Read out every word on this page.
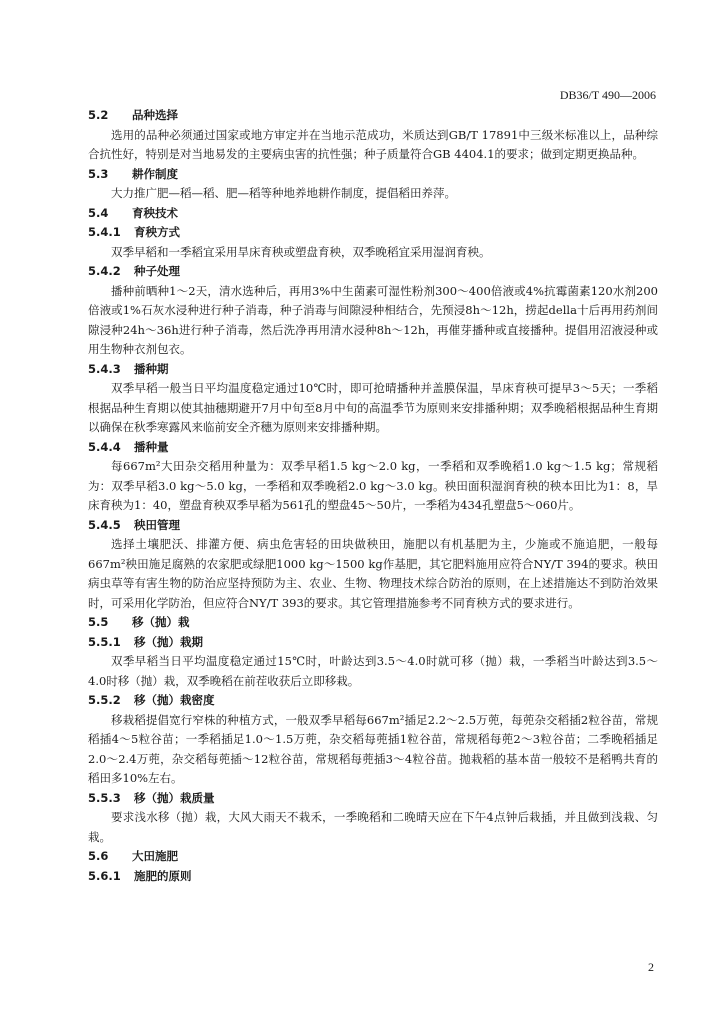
DB36/T 490—2006
5.2 品种选择
选用的品种必须通过国家或地方审定并在当地示范成功，米质达到GB/T 17891中三级米标准以上，品种综合抗性好，特别是对当地易发的主要病虫害的抗性强；种子质量符合GB 4404.1的要求；做到定期更换品种。
5.3 耕作制度
大力推广肥—稻—稻、肥—稻等种地养地耕作制度，提倡稻田养萍。
5.4 育秧技术
5.4.1 育秧方式
双季早稻和一季稻宜采用旱床育秧或塑盘育秧，双季晚稻宜采用湿润育秧。
5.4.2 种子处理
播种前晒种1～2天，清水选种后，再用3%中生菌素可湿性粉剂300～400倍液或4%抗霉菌素120水剂200倍液或1%石灰水浸种进行种子消毒，种子消毒与间隙浸种相结合，先预浸8h～12h，捞起della十后再用药剂间隙浸种24h～36h进行种子消毒，然后洗净再用清水浸种8h～12h，再催芽播种或直接播种。提倡用沼液浸种或用生物种衣剂包衣。
5.4.3 播种期
双季早稻一般当日平均温度稳定通过10℃时，即可抢晴播种并盖膜保温，旱床育秧可提早3～5天；一季稻根据品种生育期以使其抽穗期避开7月中旬至8月中旬的高温季节为原则来安排播种期；双季晚稻根据品种生育期以确保在秋季寒露风来临前安全齐穗为原则来安排播种期。
5.4.4 播种量
每667m²大田杂交稻用种量为：双季早稻1.5 kg～2.0 kg，一季稻和双季晚稻1.0 kg～1.5 kg；常规稻为：双季早稻3.0 kg～5.0 kg，一季稻和双季晚稻2.0 kg～3.0 kg。秧田面积湿润育秧的秧本田比为1：8，旱床育秧为1：40，塑盘育秧双季早稻为561孔的塑盘45～50片，一季稻为434孔塑盘5～060片。
5.4.5 秧田管理
选择土壤肥沃、排灌方便、病虫危害轻的田块做秧田，施肥以有机基肥为主，少施或不施追肥，一般每667m²秧田施足腐熟的农家肥或绿肥1000 kg～1500 kg作基肥，其它肥料施用应符合NY/T 394的要求。秧田病虫草等有害生物的防治应坚持预防为主、农业、生物、物理技术综合防治的原则，在上述措施达不到防治效果时，可采用化学防治，但应符合NY/T 393的要求。其它管理措施参考不同育秧方式的要求进行。
5.5 移（抛）栽
5.5.1 移（抛）栽期
双季早稻当日平均温度稳定通过15℃时，叶龄达到3.5～4.0时就可移（抛）栽，一季稻当叶龄达到3.5～4.0时移（抛）栽，双季晚稻在前茬收获后立即移栽。
5.5.2 移（抛）栽密度
移栽稻提倡宽行窄株的种植方式，一般双季早稻每667m²插足2.2～2.5万蔸，每蔸杂交稻插2粒谷苗，常规稻插4～5粒谷苗；一季稻插足1.0～1.5万蔸，杂交稻每蔸插1粒谷苗，常规稻每蔸2～3粒谷苗；二季晚稻插足2.0～2.4万蔸，杂交稻每蔸插～12粒谷苗，常规稻每蔸插3～4粒谷苗。抛栽稻的基本苗一般较不是稻鸭共育的稻田多10%左右。
5.5.3 移（抛）栽质量
要求浅水移（抛）栽，大风大雨天不栽禾，一季晚稻和二晚晴天应在下午4点钟后栽插，并且做到浅栽、匀栽。
5.6 大田施肥
5.6.1 施肥的原则
2
